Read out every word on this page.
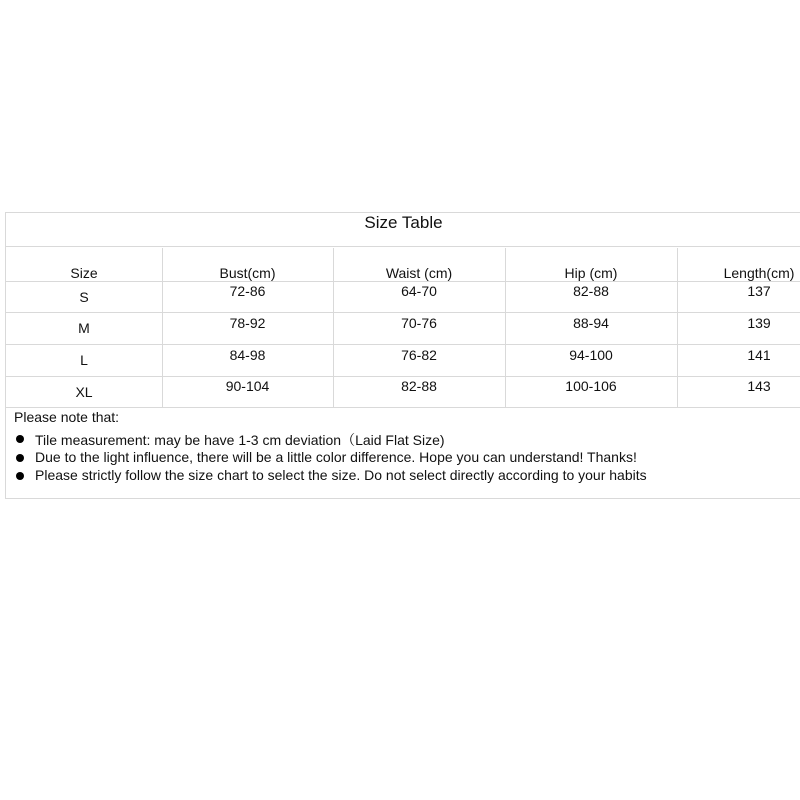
Size Table
Size	Bust(cm)	Waist (cm)	Hip (cm)	Length(cm)
S	72-86	64-70	82-88	137
M	78-92	70-76	88-94	139
L	84-98	76-82	94-100	141
XL	90-104	82-88	100-106	143
Please note that:
Tile measurement: may be have 1-3 cm deviation（Laid Flat Size)
Due to the light influence, there will be a little color difference. Hope you can understand! Thanks!
Please strictly follow the size chart to select the size. Do not select directly according to your habits
